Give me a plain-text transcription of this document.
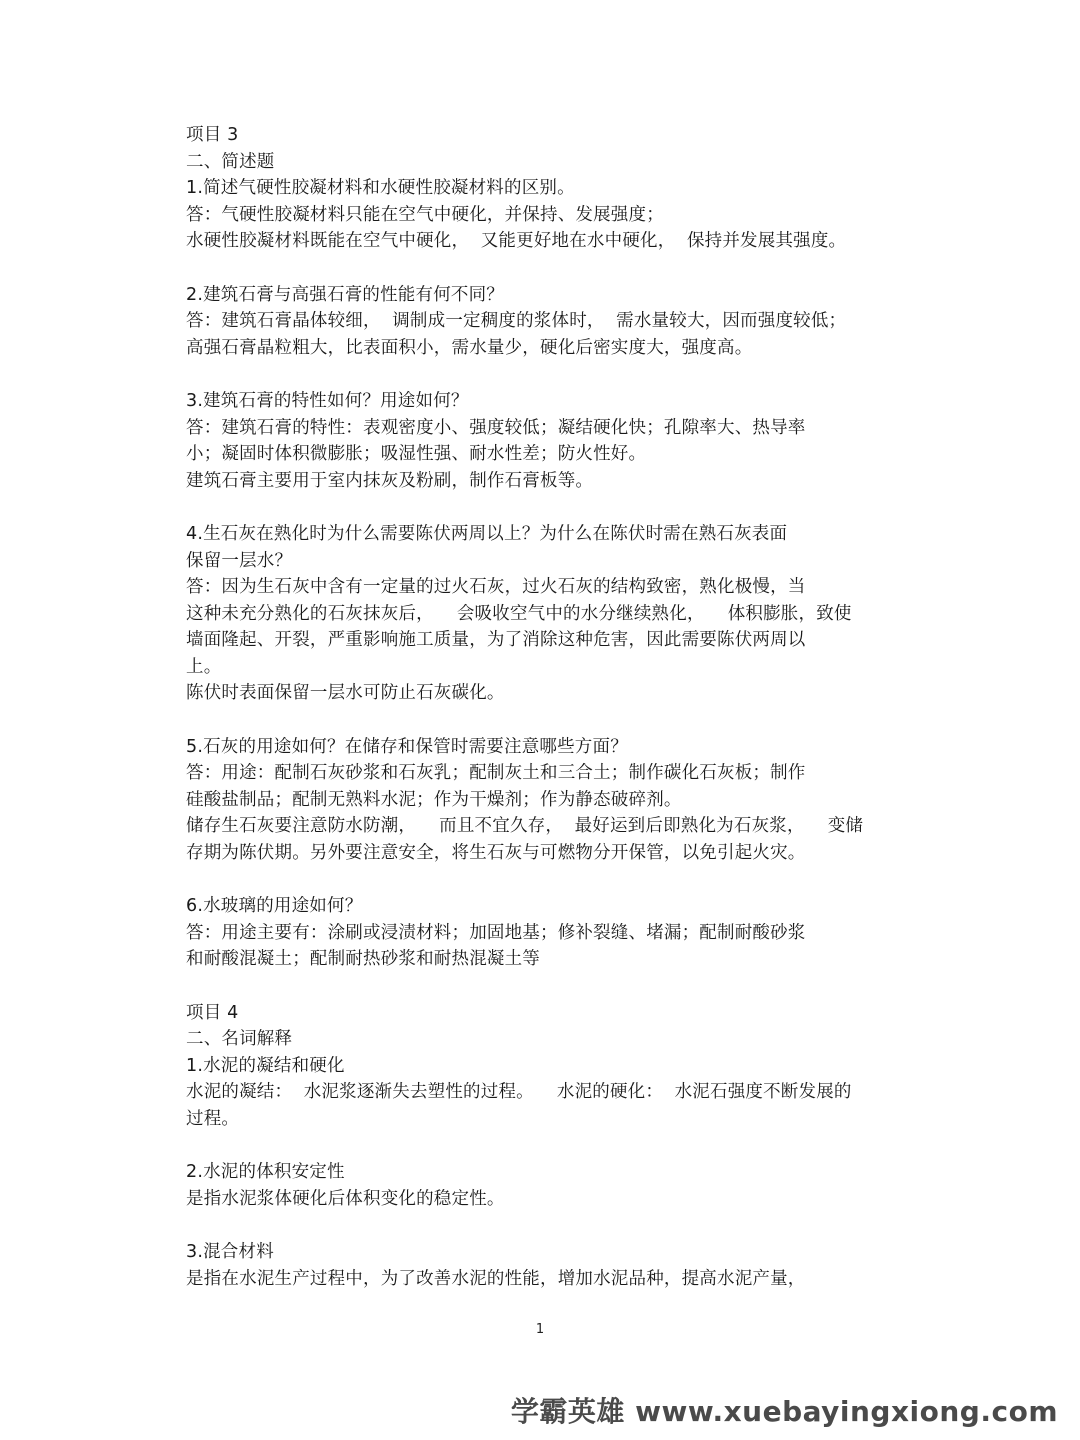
项目 3
二、简述题
1.简述气硬性胶凝材料和水硬性胶凝材料的区别。
答：气硬性胶凝材料只能在空气中硬化，并保持、发展强度；
水硬性胶凝材料既能在空气中硬化，  又能更好地在水中硬化，  保持并发展其强度。
2.建筑石膏与高强石膏的性能有何不同？
答：建筑石膏晶体较细，  调制成一定稠度的浆体时，  需水量较大，因而强度较低；
高强石膏晶粒粗大，比表面积小，需水量少，硬化后密实度大，强度高。
3.建筑石膏的特性如何？用途如何？
答：建筑石膏的特性：表观密度小、强度较低；凝结硬化快；孔隙率大、热导率
小；凝固时体积微膨胀；吸湿性强、耐水性差；防火性好。
建筑石膏主要用于室内抹灰及粉刷，制作石膏板等。
4.生石灰在熟化时为什么需要陈伏两周以上？为什么在陈伏时需在熟石灰表面
保留一层水？
答：因为生石灰中含有一定量的过火石灰，过火石灰的结构致密，熟化极慢，当
这种未充分熟化的石灰抹灰后，    会吸收空气中的水分继续熟化，    体积膨胀，致使
墙面隆起、开裂，严重影响施工质量，为了消除这种危害，因此需要陈伏两周以
上。
陈伏时表面保留一层水可防止石灰碳化。
5.石灰的用途如何？在储存和保管时需要注意哪些方面？
答：用途：配制石灰砂浆和石灰乳；配制灰土和三合土；制作碳化石灰板；制作
硅酸盐制品；配制无熟料水泥；作为干燥剂；作为静态破碎剂。
储存生石灰要注意防水防潮，    而且不宜久存，  最好运到后即熟化为石灰浆，    变储
存期为陈伏期。另外要注意安全，将生石灰与可燃物分开保管，以免引起火灾。
6.水玻璃的用途如何？
答：用途主要有：涂刷或浸渍材料；加固地基；修补裂缝、堵漏；配制耐酸砂浆
和耐酸混凝土；配制耐热砂浆和耐热混凝土等
项目 4
二、名词解释
1.水泥的凝结和硬化
水泥的凝结：  水泥浆逐渐失去塑性的过程。    水泥的硬化：  水泥石强度不断发展的
过程。
2.水泥的体积安定性
是指水泥浆体硬化后体积变化的稳定性。
3.混合材料
是指在水泥生产过程中，为了改善水泥的性能，增加水泥品种，提高水泥产量，
1
学霸英雄 www.xuebayingxiong.com
